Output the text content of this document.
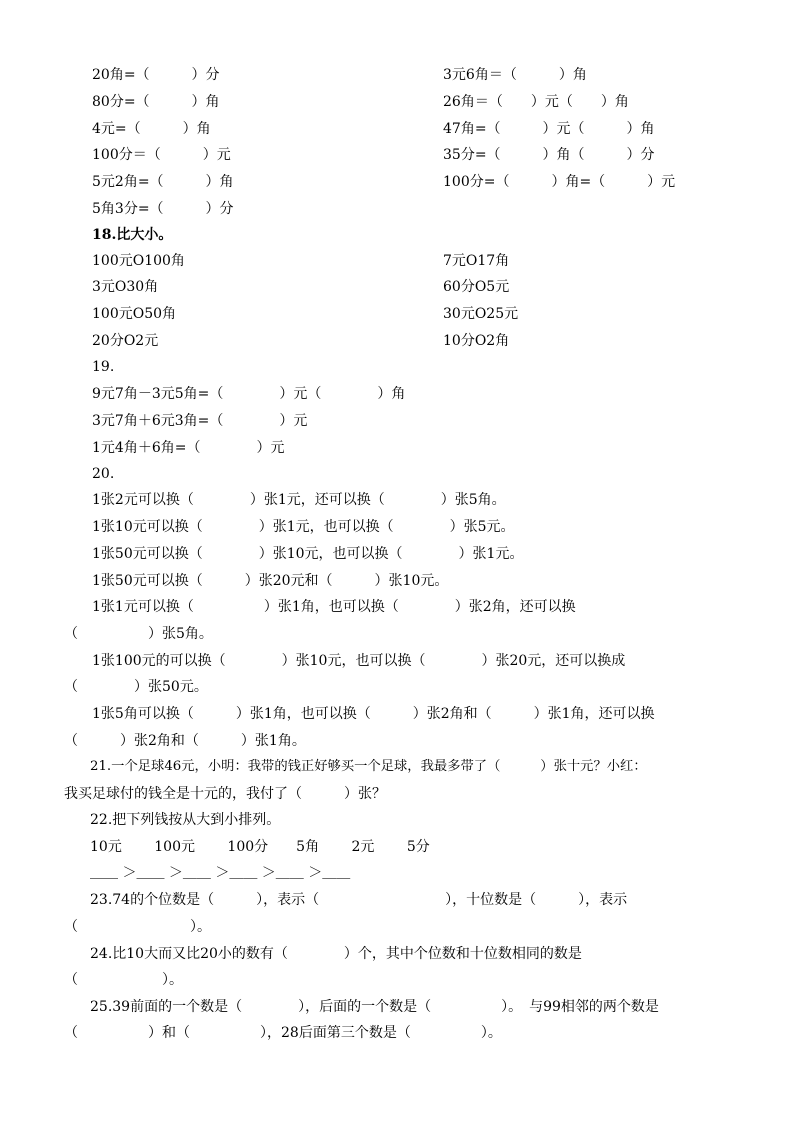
20角=（　　　）分
80分=（　　　）角
4元=（　　　）角
100分＝（　　　）元
5元2角=（　　　）角
5角3分=（　　　）分
3元6角＝（　　　）角
26角＝（　　）元（　　）角
47角=（　　　）元（　　　）角
35分=（　　　）角（　　　）分
100分=（　　　）角=（　　　）元
18.比大小。
100元O100角
3元O30角
100元O50角
20分O2元
7元O17角
60分O5元
30元O25元
10分O2角
19.
9元7角－3元5角=（　　　　）元（　　　　）角
3元7角＋6元3角=（　　　　）元
1元4角＋6角=（　　　　）元
20.
1张2元可以换（　　　　）张1元，还可以换（　　　　）张5角。
1张10元可以换（　　　　）张1元，也可以换（　　　　）张5元。
1张50元可以换（　　　　）张10元，也可以换（　　　　）张1元。
1张50元可以换（　　　）张20元和（　　　）张10元。
1张1元可以换（　　　　　）张1角，也可以换（　　　　）张2角，还可以换
（　　　　　）张5角。
1张100元的可以换（　　　　）张10元，也可以换（　　　　）张20元，还可以换成
（　　　　）张50元。
1张5角可以换（　　　）张1角，也可以换（　　　）张2角和（　　　）张1角，还可以换
（　　　）张2角和（　　　）张1角。
21.一个足球46元，小明：我带的钱正好够买一个足球，我最多带了（　　　）张十元？小红：
我买足球付的钱全是十元的，我付了（　　　）张？
22.把下列钱按从大到小排列。
10元　　 100元　　 100分　　5角　　 2元　　 5分
＿＿ ＞＿＿ ＞＿＿ ＞＿＿ ＞＿＿ ＞＿＿
23.74的个位数是（　　　），表示（　　　　　　　　　），十位数是（　　　），表示
（　　　　　　　　）。
24.比10大而又比20小的数有（　　　　）个，其中个位数和十位数相同的数是
（　　　　　　）。
25.39前面的一个数是（　　　　），后面的一个数是（　　　　　）。　与99相邻的两个数是
（　　　　　）和（　　　　　），28后面第三个数是（　　　　　）。
